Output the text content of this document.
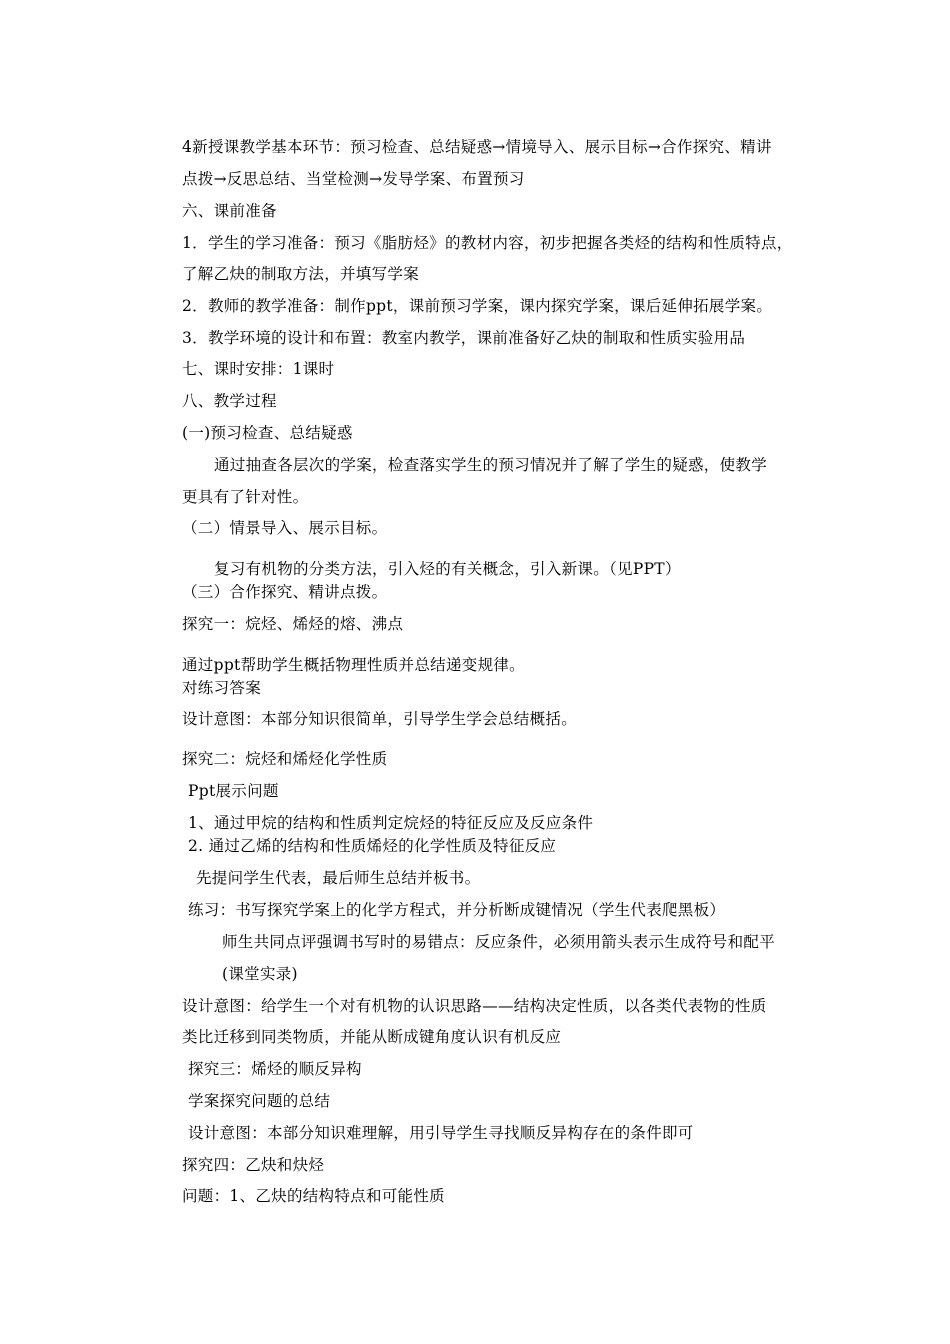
4新授课教学基本环节：预习检查、总结疑惑→情境导入、展示目标→合作探究、精讲
点拨→反思总结、当堂检测→发导学案、布置预习
六、课前准备
1．学生的学习准备：预习《脂肪烃》的教材内容，初步把握各类烃的结构和性质特点，
了解乙炔的制取方法，并填写学案
2．教师的教学准备：制作ppt，课前预习学案，课内探究学案，课后延伸拓展学案。
3．教学环境的设计和布置：教室内教学，课前准备好乙炔的制取和性质实验用品
七、课时安排：1课时
八、教学过程
(一)预习检查、总结疑惑
通过抽查各层次的学案，检查落实学生的预习情况并了解了学生的疑惑，使教学
更具有了针对性。
（二）情景导入、展示目标。
复习有机物的分类方法，引入烃的有关概念，引入新课。（见PPT）
（三）合作探究、精讲点拨。
探究一：烷烃、烯烃的熔、沸点
通过ppt帮助学生概括物理性质并总结递变规律。
对练习答案
设计意图：本部分知识很简单，引导学生学会总结概括。
探究二：烷烃和烯烃化学性质
Ppt展示问题
1、通过甲烷的结构和性质判定烷烃的特征反应及反应条件
2. 通过乙烯的结构和性质烯烃的化学性质及特征反应
先提问学生代表，最后师生总结并板书。
练习：书写探究学案上的化学方程式，并分析断成键情况（学生代表爬黑板）
师生共同点评强调书写时的易错点：反应条件，必须用箭头表示生成符号和配平
(课堂实录)
设计意图：给学生一个对有机物的认识思路——结构决定性质，以各类代表物的性质
类比迁移到同类物质，并能从断成键角度认识有机反应
探究三：烯烃的顺反异构
学案探究问题的总结
设计意图：本部分知识难理解，用引导学生寻找顺反异构存在的条件即可
探究四：乙炔和炔烃
问题：1、乙炔的结构特点和可能性质
